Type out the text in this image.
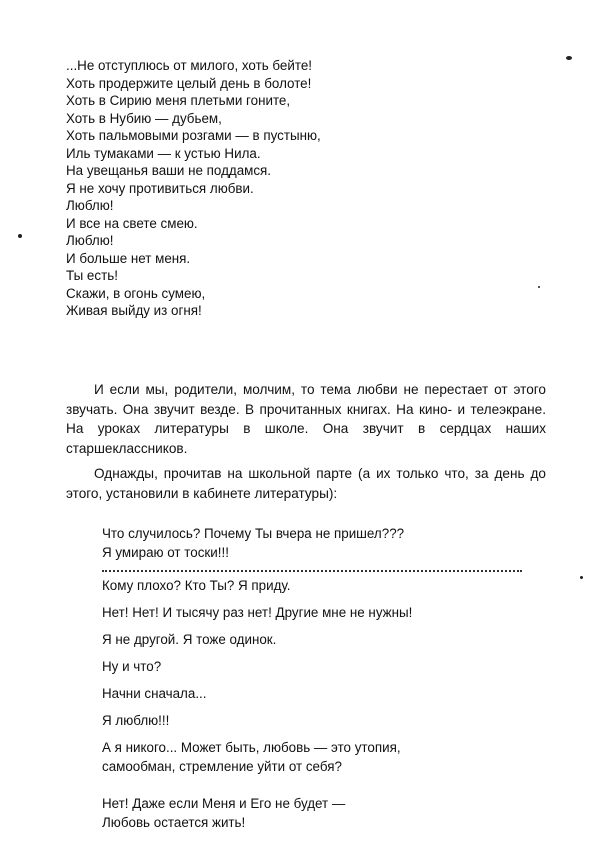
...Не отступлюсь от милого, хоть бейте!
Хоть продержите целый день в болоте!
Хоть в Сирию меня плетьми гоните,
Хоть в Нубию — дубьем,
Хоть пальмовыми розгами — в пустыню,
Иль тумаками — к устью Нила.
На увещанья ваши не поддамся.
Я не хочу противиться любви.
Люблю!
И все на свете смею.
Люблю!
И больше нет меня.
Ты есть!
Скажи, в огонь сумею,
Живая выйду из огня!

И если мы, родители, молчим, то тема любви не перестает от этого звучать. Она звучит везде. В прочитанных книгах. На кино- и телеэкране. На уроках литературы в школе. Она звучит в сердцах наших старшеклассников.

Однажды, прочитав на школьной парте (а их только что, за день до этого, установили в кабинете литературы):

Что случилось? Почему Ты вчера не пришел???
Я умираю от тоски!!!
Кому плохо? Кто Ты? Я приду.
Нет! Нет! И тысячу раз нет! Другие мне не нужны!
Я не другой. Я тоже одинок.
Ну и что?
Начни сначала...
Я люблю!!!
А я никого... Может быть, любовь — это утопия,
самообман, стремление уйти от себя?
Нет! Даже если Меня и Его не будет —
Любовь остается жить!
